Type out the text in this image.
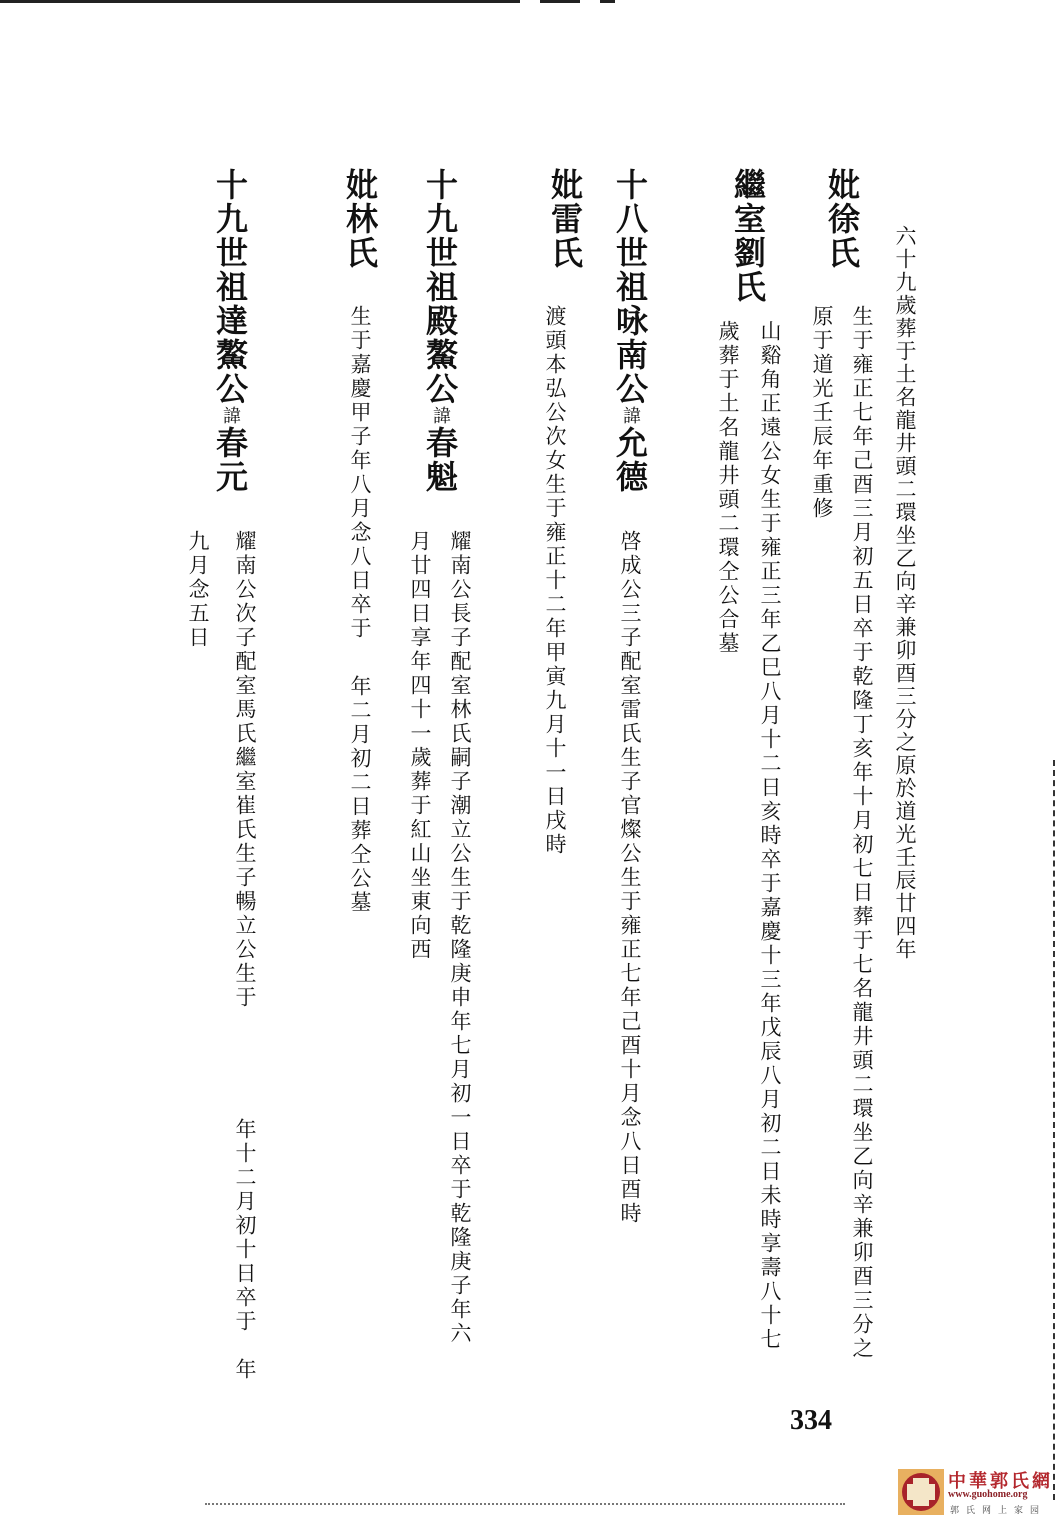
六十九歲葬于土名龍井頭二環坐乙向辛兼卯酉三分之原於道光壬辰廿四年
妣徐氏
生于雍正七年己酉三月初五日卒于乾隆丁亥年十月初七日葬于七名龍井頭二環坐乙向辛兼卯酉三分之
原于道光壬辰年重修
繼室劉氏
山谿角正遠公女生于雍正三年乙巳八月十二日亥時卒于嘉慶十三年戊辰八月初二日未時享壽八十七
歲葬于土名龍井頭二環仝公合墓
十八世祖咏南公諱允德
啓成公三子配室雷氏生子官燦公生于雍正七年己酉十月念八日酉時
妣雷氏
渡頭本弘公次女生于雍正十二年甲寅九月十一日戌時
十九世祖殿鰲公諱春魁
耀南公長子配室林氏嗣子潮立公生于乾隆庚申年七月初一日卒于乾隆庚子年六
月廿四日享年四十一歲葬于紅山坐東向西
妣林氏
生于嘉慶甲子年八月念八日卒于
年二月初二日葬仝公墓
十九世祖達鰲公諱春元
耀南公次子配室馬氏繼室崔氏生子暢立公生于
年十二月初十日卒于
年
九月念五日
334
中華郭氏網
www.guohome.org
郭氏网上家园
